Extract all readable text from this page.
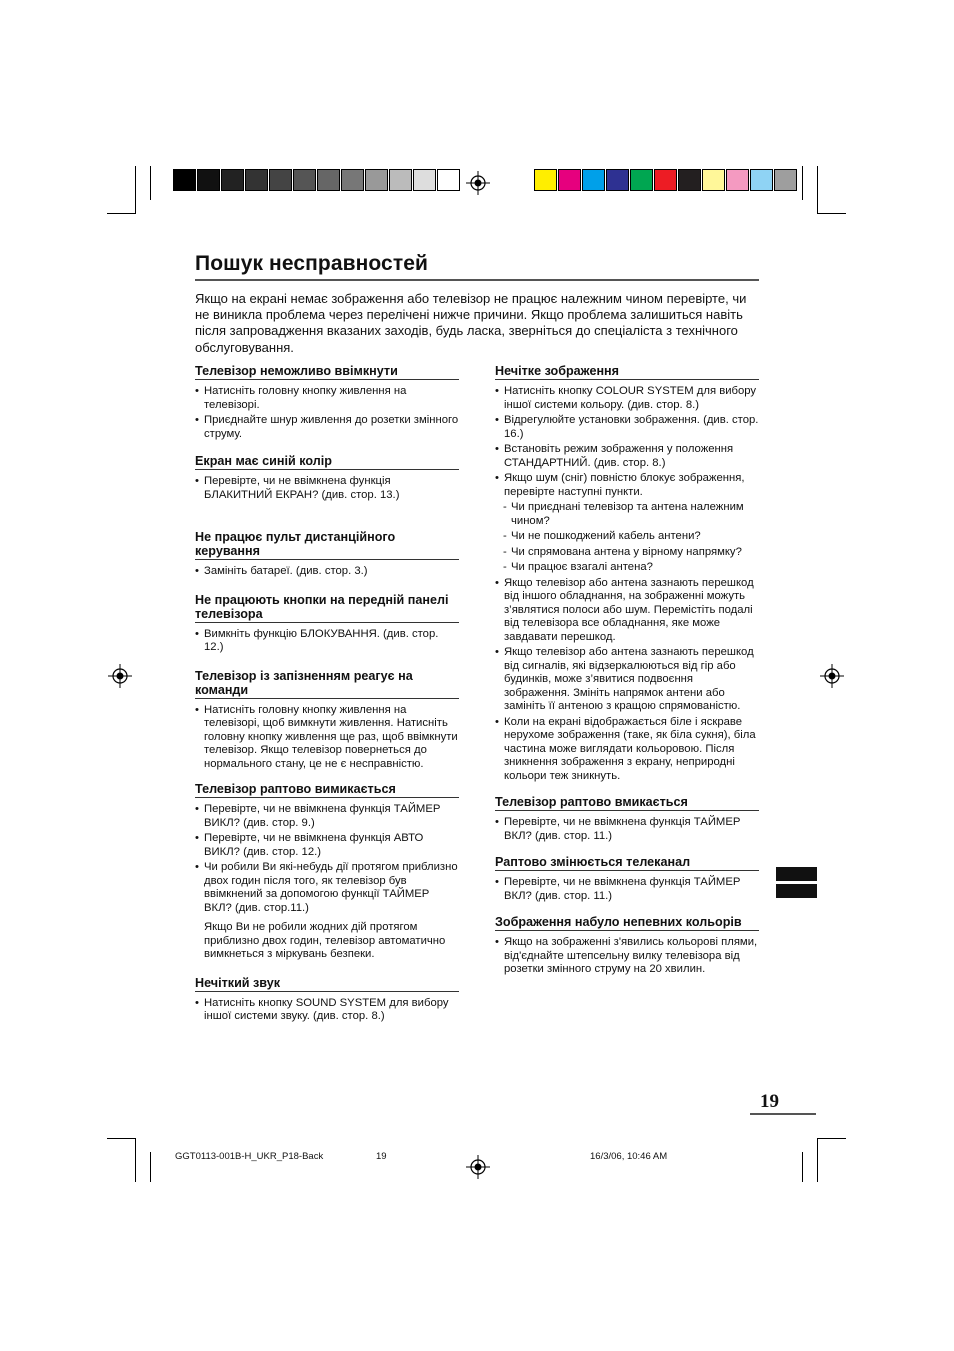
Пошук несправностей

Якщо на екрані немає зображення або телевізор не працює належним чином перевірте, чи не виникла проблема через перелічені нижче причини. Якщо проблема залишиться навіть після запровадження вказаних заходів, будь ласка, зверніться до спеціаліста з технічного обслуговування.

Телевізор неможливо ввімкнути
• Натисніть головну кнопку живлення на телевізорі.
• Приєднайте шнур живлення до розетки змінного струму.
Екран має синій колір
• Перевірте, чи не ввімкнена функція БЛАКИТНИЙ ЕКРАН? (див. стор. 13.)
Не працює пульт дистанційного керування
• Замініть батареї. (див. стор. 3.)
Не працюють кнопки на передній панелі телевізора
• Вимкніть функцію БЛОКУВАННЯ. (див. стор. 12.)
Телевізор із запізненням реагує на команди
• Натисніть головну кнопку живлення на телевізорі, щоб вимкнути живлення. Натисніть головну кнопку живлення ще раз, щоб ввімкнути телевізор. Якщо телевізор повернеться до нормального стану, це не є несправністю.
Телевізор раптово вимикається
• Перевірте, чи не ввімкнена функція ТАЙМЕР ВИКЛ? (див. стор. 9.)
• Перевірте, чи не ввімкнена функція АВТО ВИКЛ? (див. стор. 12.)
• Чи робили Ви які-небудь дії протягом приблизно двох годин після того, як телевізор був ввімкнений за допомогою функції ТАЙМЕР ВКЛ? (див. стор.11.)
Якщо Ви не робили жодних дій протягом приблизно двох годин, телевізор автоматично вимкнеться з міркувань безпеки.
Нечіткий звук
• Натисніть кнопку SOUND SYSTEM для вибору іншої системи звуку. (див. стор. 8.)
Нечітке зображення
• Натисніть кнопку COLOUR SYSTEM для вибору іншої системи кольору. (див. стор. 8.)
• Відрегулюйте установки зображення. (див. стор. 16.)
• Встановіть режим зображення у положення СТАНДАРТНИЙ. (див. стор. 8.)
• Якщо шум (сніг) повністю блокує зображення, перевірте наступні пункти.
- Чи приєднані телевізор та антена належним чином?
- Чи не пошкоджений кабель антени?
- Чи спрямована антена у вірному напрямку?
- Чи працює взагалі антена?
• Якщо телевізор або антена зазнають перешкод від іншого обладнання, на зображенні можуть з’являтися полоси або шум. Перемістіть подалі від телевізора все обладнання, яке може завдавати перешкод.
• Якщо телевізор або антена зазнають перешкод від сигналів, які відзеркалюються від гір або будинків, може з’явитися подвоєння зображення. Змініть напрямок антени або замініть її антеною з кращою спрямованістю.
• Коли на екрані відображається біле і яскраве нерухоме зображення (таке, як біла сукня), біла частина може виглядати кольоровою. Після зникнення зображення з екрану, неприродні кольори теж зникнуть.
Телевізор раптово вмикається
• Перевірте, чи не ввімкнена функція ТАЙМЕР ВКЛ? (див. стор. 11.)
Раптово змінюється телеканал
• Перевірте, чи не ввімкнена функція ТАЙМЕР ВКЛ? (див. стор. 11.)
Зображення набуло непевних кольорів
• Якщо на зображенні з'явились кольорові плями, від'єднайте штепсельну вилку телевізора від розетки змінного струму на 20 хвилин.
19
GGT0113-001B-H_UKR_P18-Back	19	16/3/06, 10:46 AM
